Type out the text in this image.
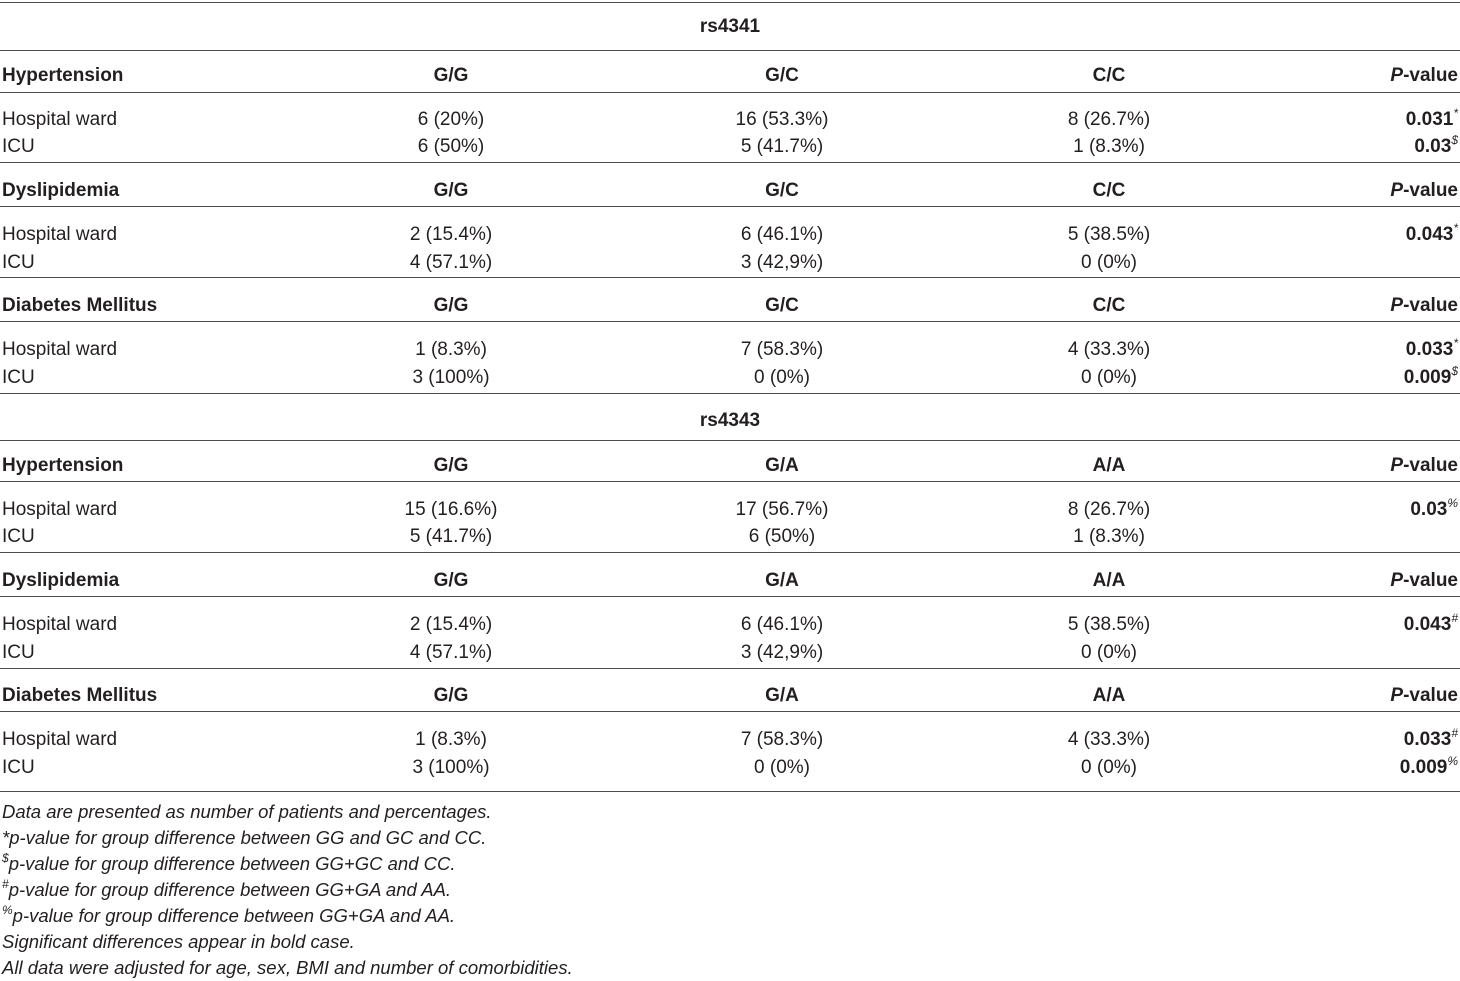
rs4341
Hypertension	G/G	G/C	C/C	P-value
Hospital ward	6 (20%)	16 (53.3%)	8 (26.7%)	0.031*
ICU	6 (50%)	5 (41.7%)	1 (8.3%)	0.03$
Dyslipidemia	G/G	G/C	C/C	P-value
Hospital ward	2 (15.4%)	6 (46.1%)	5 (38.5%)	0.043*
ICU	4 (57.1%)	3 (42,9%)	0 (0%)
Diabetes Mellitus	G/G	G/C	C/C	P-value
Hospital ward	1 (8.3%)	7 (58.3%)	4 (33.3%)	0.033*
ICU	3 (100%)	0 (0%)	0 (0%)	0.009$
rs4343
Hypertension	G/G	G/A	A/A	P-value
Hospital ward	15 (16.6%)	17 (56.7%)	8 (26.7%)	0.03%
ICU	5 (41.7%)	6 (50%)	1 (8.3%)
Dyslipidemia	G/G	G/A	A/A	P-value
Hospital ward	2 (15.4%)	6 (46.1%)	5 (38.5%)	0.043#
ICU	4 (57.1%)	3 (42,9%)	0 (0%)
Diabetes Mellitus	G/G	G/A	A/A	P-value
Hospital ward	1 (8.3%)	7 (58.3%)	4 (33.3%)	0.033#
ICU	3 (100%)	0 (0%)	0 (0%)	0.009%
Data are presented as number of patients and percentages.
*p-value for group difference between GG and GC and CC.
$p-value for group difference between GG+GC and CC.
#p-value for group difference between GG+GA and AA.
%p-value for group difference between GG+GA and AA.
Significant differences appear in bold case.
All data were adjusted for age, sex, BMI and number of comorbidities.
